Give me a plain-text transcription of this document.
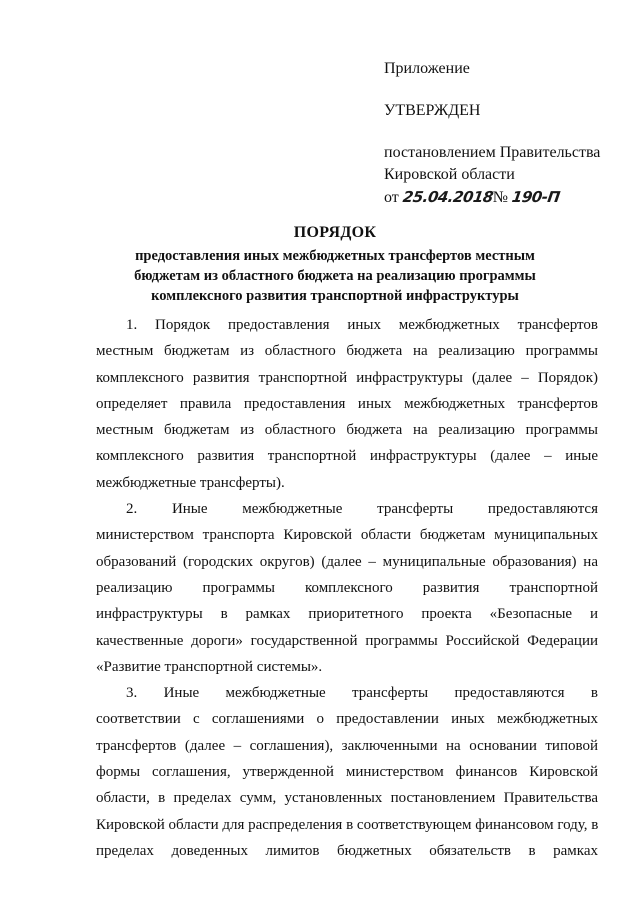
Приложение
УТВЕРЖДЕН
постановлением Правительства
Кировской области
от 25.04.2018№ 190-П
ПОРЯДОК
предоставления иных межбюджетных трансфертов местным
бюджетам из областного бюджета на реализацию программы
комплексного развития транспортной инфраструктуры
1. Порядок предоставления иных межбюджетных трансфертов
местным бюджетам из областного бюджета на реализацию программы
комплексного развития транспортной инфраструктуры (далее – Порядок)
определяет правила предоставления иных межбюджетных трансфертов
местным бюджетам из областного бюджета на реализацию программы
комплексного развития транспортной инфраструктуры (далее – иные
межбюджетные трансферты).
2. Иные межбюджетные трансферты предоставляются
министерством транспорта Кировской области бюджетам муниципальных
образований (городских округов) (далее – муниципальные образования) на
реализацию программы комплексного развития транспортной
инфраструктуры в рамках приоритетного проекта «Безопасные и
качественные дороги» государственной программы Российской Федерации
«Развитие транспортной системы».
3. Иные межбюджетные трансферты предоставляются в
соответствии с соглашениями о предоставлении иных межбюджетных
трансфертов (далее – соглашения), заключенными на основании типовой
формы соглашения, утвержденной министерством финансов Кировской
области, в пределах сумм, установленных постановлением Правительства
Кировской области для распределения в соответствующем финансовом году, в
пределах доведенных лимитов бюджетных обязательств в рамках
